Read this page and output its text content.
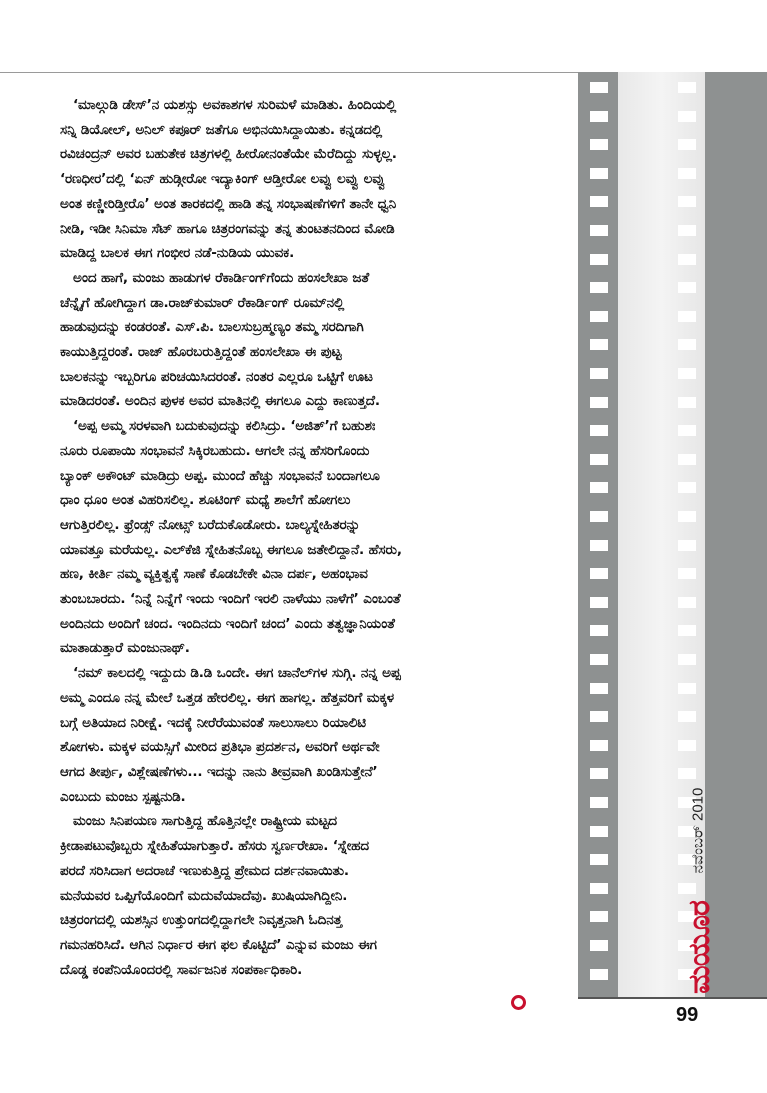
‘ಮಾಲ್ಗುಡಿ ಡೇಸ್’ನ ಯಶಸ್ಸು ಅವಕಾಶಗಳ ಸುರಿಮಳೆ ಮಾಡಿತು. ಹಿಂದಿಯಲ್ಲಿ
ಸನ್ನಿ ಡಿಯೋಲ್, ಅನಿಲ್ ಕಪೂರ್ ಜತೆಗೂ ಅಭಿನಯಿಸಿದ್ದಾಯಿತು. ಕನ್ನಡದಲ್ಲಿ
ರವಿಚಂದ್ರನ್ ಅವರ ಬಹುತೇಕ ಚಿತ್ರಗಳಲ್ಲಿ ಹೀರೋನಂತೆಯೇ ಮೆರೆದಿದ್ದು ಸುಳ್ಳಲ್ಲ.
‘ರಣಧೀರ’ದಲ್ಲಿ ‘ಏನ್ ಹುಡ್ಗೀರೋ ಇದ್ಯಾಕಿಂಗ್ ಆಡ್ತೀರೋ ಲವ್ವು ಲವ್ವು ಲವ್ವು
ಅಂತ ಕಣ್ಣೀರಿಡ್ತೀರೊ’ ಅಂತ ತಾರಕದಲ್ಲಿ ಹಾಡಿ ತನ್ನ ಸಂಭಾಷಣೆಗಳಿಗೆ ತಾನೇ ಧ್ವನಿ
ನೀಡಿ, ಇಡೀ ಸಿನಿಮಾ ಸೆಟ್ ಹಾಗೂ ಚಿತ್ರರಂಗವನ್ನು ತನ್ನ ತುಂಟತನದಿಂದ ಮೋಡಿ
ಮಾಡಿದ್ದ ಬಾಲಕ ಈಗ ಗಂಭೀರ ನಡೆ-ನುಡಿಯ ಯುವಕ.

ಅಂದ ಹಾಗೆ, ಮಂಜು ಹಾಡುಗಳ ರೆಕಾರ್ಡಿಂಗ್‌ಗೆಂದು ಹಂಸಲೇಖಾ ಜತೆ
ಚೆನ್ನೈಗೆ ಹೋಗಿದ್ದಾಗ ಡಾ.ರಾಜ್‌ಕುಮಾರ್ ರೆಕಾರ್ಡಿಂಗ್ ರೂಮ್‌ನಲ್ಲಿ
ಹಾಡುವುದನ್ನು ಕಂಡರಂತೆ. ಎಸ್.ಪಿ. ಬಾಲಸುಬ್ರಹ್ಮಣ್ಯಂ ತಮ್ಮ ಸರದಿಗಾಗಿ
ಕಾಯುತ್ತಿದ್ದರಂತೆ. ರಾಜ್ ಹೊರಬರುತ್ತಿದ್ದಂತೆ ಹಂಸಲೇಖಾ ಈ ಪುಟ್ಟ
ಬಾಲಕನನ್ನು ಇಬ್ಬರಿಗೂ ಪರಿಚಯಿಸಿದರಂತೆ. ನಂತರ ಎಲ್ಲರೂ ಒಟ್ಟಿಗೆ ಊಟ
ಮಾಡಿದರಂತೆ. ಅಂದಿನ ಪುಳಕ ಅವರ ಮಾತಿನಲ್ಲಿ ಈಗಲೂ ಎದ್ದು ಕಾಣುತ್ತದೆ.

‘ಅಪ್ಪ ಅಮ್ಮ ಸರಳವಾಗಿ ಬದುಕುವುದನ್ನು ಕಲಿಸಿದ್ರು. ‘ಅಜಿತ್’ಗೆ ಬಹುಶಃ
ನೂರು ರೂಪಾಯಿ ಸಂಭಾವನೆ ಸಿಕ್ಕಿರಬಹುದು. ಆಗಲೇ ನನ್ನ ಹೆಸರಿಗೊಂದು
ಬ್ಯಾಂಕ್ ಅಕೌಂಟ್ ಮಾಡಿದ್ರು ಅಪ್ಪ. ಮುಂದೆ ಹೆಚ್ಚು ಸಂಭಾವನೆ ಬಂದಾಗಲೂ
ಧಾಂ ಧೂಂ ಅಂತ ವಿಹರಿಸಲಿಲ್ಲ. ಶೂಟಿಂಗ್ ಮಧ್ಯೆ ಶಾಲೆಗೆ ಹೋಗಲು
ಆಗುತ್ತಿರಲಿಲ್ಲ. ಫ್ರೆಂಡ್ಸ್ ನೋಟ್ಸ್ ಬರೆದುಕೊಡೋರು. ಬಾಲ್ಯಸ್ನೇಹಿತರನ್ನು
ಯಾವತ್ತೂ ಮರೆಯಲ್ಲ. ಎಲ್‌ಕೆಜಿ ಸ್ನೇಹಿತನೊಬ್ಬ ಈಗಲೂ ಜತೇಲಿದ್ದಾನೆ. ಹೆಸರು,
ಹಣ, ಕೀರ್ತಿ ನಮ್ಮ ವ್ಯಕ್ತಿತ್ವಕ್ಕೆ ಸಾಣೆ ಕೊಡಬೇಕೇ ವಿನಾ ದರ್ಪ, ಅಹಂಭಾವ
ತುಂಬಬಾರದು. ‘ನಿನ್ನೆ ನಿನ್ನೆಗೆ ಇಂದು ಇಂದಿಗೆ ಇರಲಿ ನಾಳೆಯು ನಾಳೆಗೆ’ ಎಂಬಂತೆ
ಅಂದಿನದು ಅಂದಿಗೆ ಚಂದ. ಇಂದಿನದು ಇಂದಿಗೆ ಚಂದ’ ಎಂದು ತತ್ವಜ್ಞಾನಿಯಂತೆ
ಮಾತಾಡುತ್ತಾರೆ ಮಂಜುನಾಥ್.

‘ನಮ್ ಕಾಲದಲ್ಲಿ ಇದ್ದುದು ಡಿ.ಡಿ ಒಂದೇ. ಈಗ ಚಾನೆಲ್‌ಗಳ ಸುಗ್ಗಿ. ನನ್ನ ಅಪ್ಪ
ಅಮ್ಮ ಎಂದೂ ನನ್ನ ಮೇಲೆ ಒತ್ತಡ ಹೇರಲಿಲ್ಲ. ಈಗ ಹಾಗಲ್ಲ. ಹೆತ್ತವರಿಗೆ ಮಕ್ಕಳ
ಬಗ್ಗೆ ಅತಿಯಾದ ನಿರೀಕ್ಷೆ. ಇದಕ್ಕೆ ನೀರೆರೆಯುವಂತೆ ಸಾಲುಸಾಲು ರಿಯಾಲಿಟಿ
ಶೋಗಳು. ಮಕ್ಕಳ ವಯಸ್ಸಿಗೆ ಮೀರಿದ ಪ್ರತಿಭಾ ಪ್ರದರ್ಶನ, ಅವರಿಗೆ ಅರ್ಥವೇ
ಆಗದ ತೀರ್ಪು, ವಿಶ್ಲೇಷಣೆಗಳು... ಇದನ್ನು ನಾನು ತೀವ್ರವಾಗಿ ಖಂಡಿಸುತ್ತೇನೆ’
ಎಂಬುದು ಮಂಜು ಸ್ಪಷ್ಟನುಡಿ.

ಮಂಜು ಸಿನಿಪಯಣ ಸಾಗುತ್ತಿದ್ದ ಹೊತ್ತಿನಲ್ಲೇ ರಾಷ್ಟ್ರೀಯ ಮಟ್ಟದ
ಕ್ರೀಡಾಪಟುವೊಬ್ಬರು ಸ್ನೇಹಿತೆಯಾಗುತ್ತಾರೆ. ಹೆಸರು ಸ್ವರ್ಣರೇಖಾ. ‘ಸ್ನೇಹದ
ಪರದೆ ಸರಿಸಿದಾಗ ಅದರಾಚೆ ಇಣುಕುತ್ತಿದ್ದ ಪ್ರೇಮದ ದರ್ಶನವಾಯಿತು.
ಮನೆಯವರ ಒಪ್ಪಿಗೆಯೊಂದಿಗೆ ಮದುವೆಯಾದೆವು. ಖುಷಿಯಾಗಿದ್ದೀನಿ.
ಚಿತ್ರರಂಗದಲ್ಲಿ ಯಶಸ್ಸಿನ ಉತ್ತುಂಗದಲ್ಲಿದ್ದಾಗಲೇ ನಿವೃತ್ತನಾಗಿ ಓದಿನತ್ತ
ಗಮನಹರಿಸಿದೆ. ಆಗಿನ ನಿರ್ಧಾರ ಈಗ ಫಲ ಕೊಟ್ಟಿದೆ’ ಎನ್ನುವ ಮಂಜು ಈಗ
ದೊಡ್ಡ ಕಂಪೆನಿಯೊಂದರಲ್ಲಿ ಸಾರ್ವಜನಿಕ ಸಂಪರ್ಕಾಧಿಕಾರಿ.

ನವೆಂಬರ್ 2010
ಮಯೂರ
99
